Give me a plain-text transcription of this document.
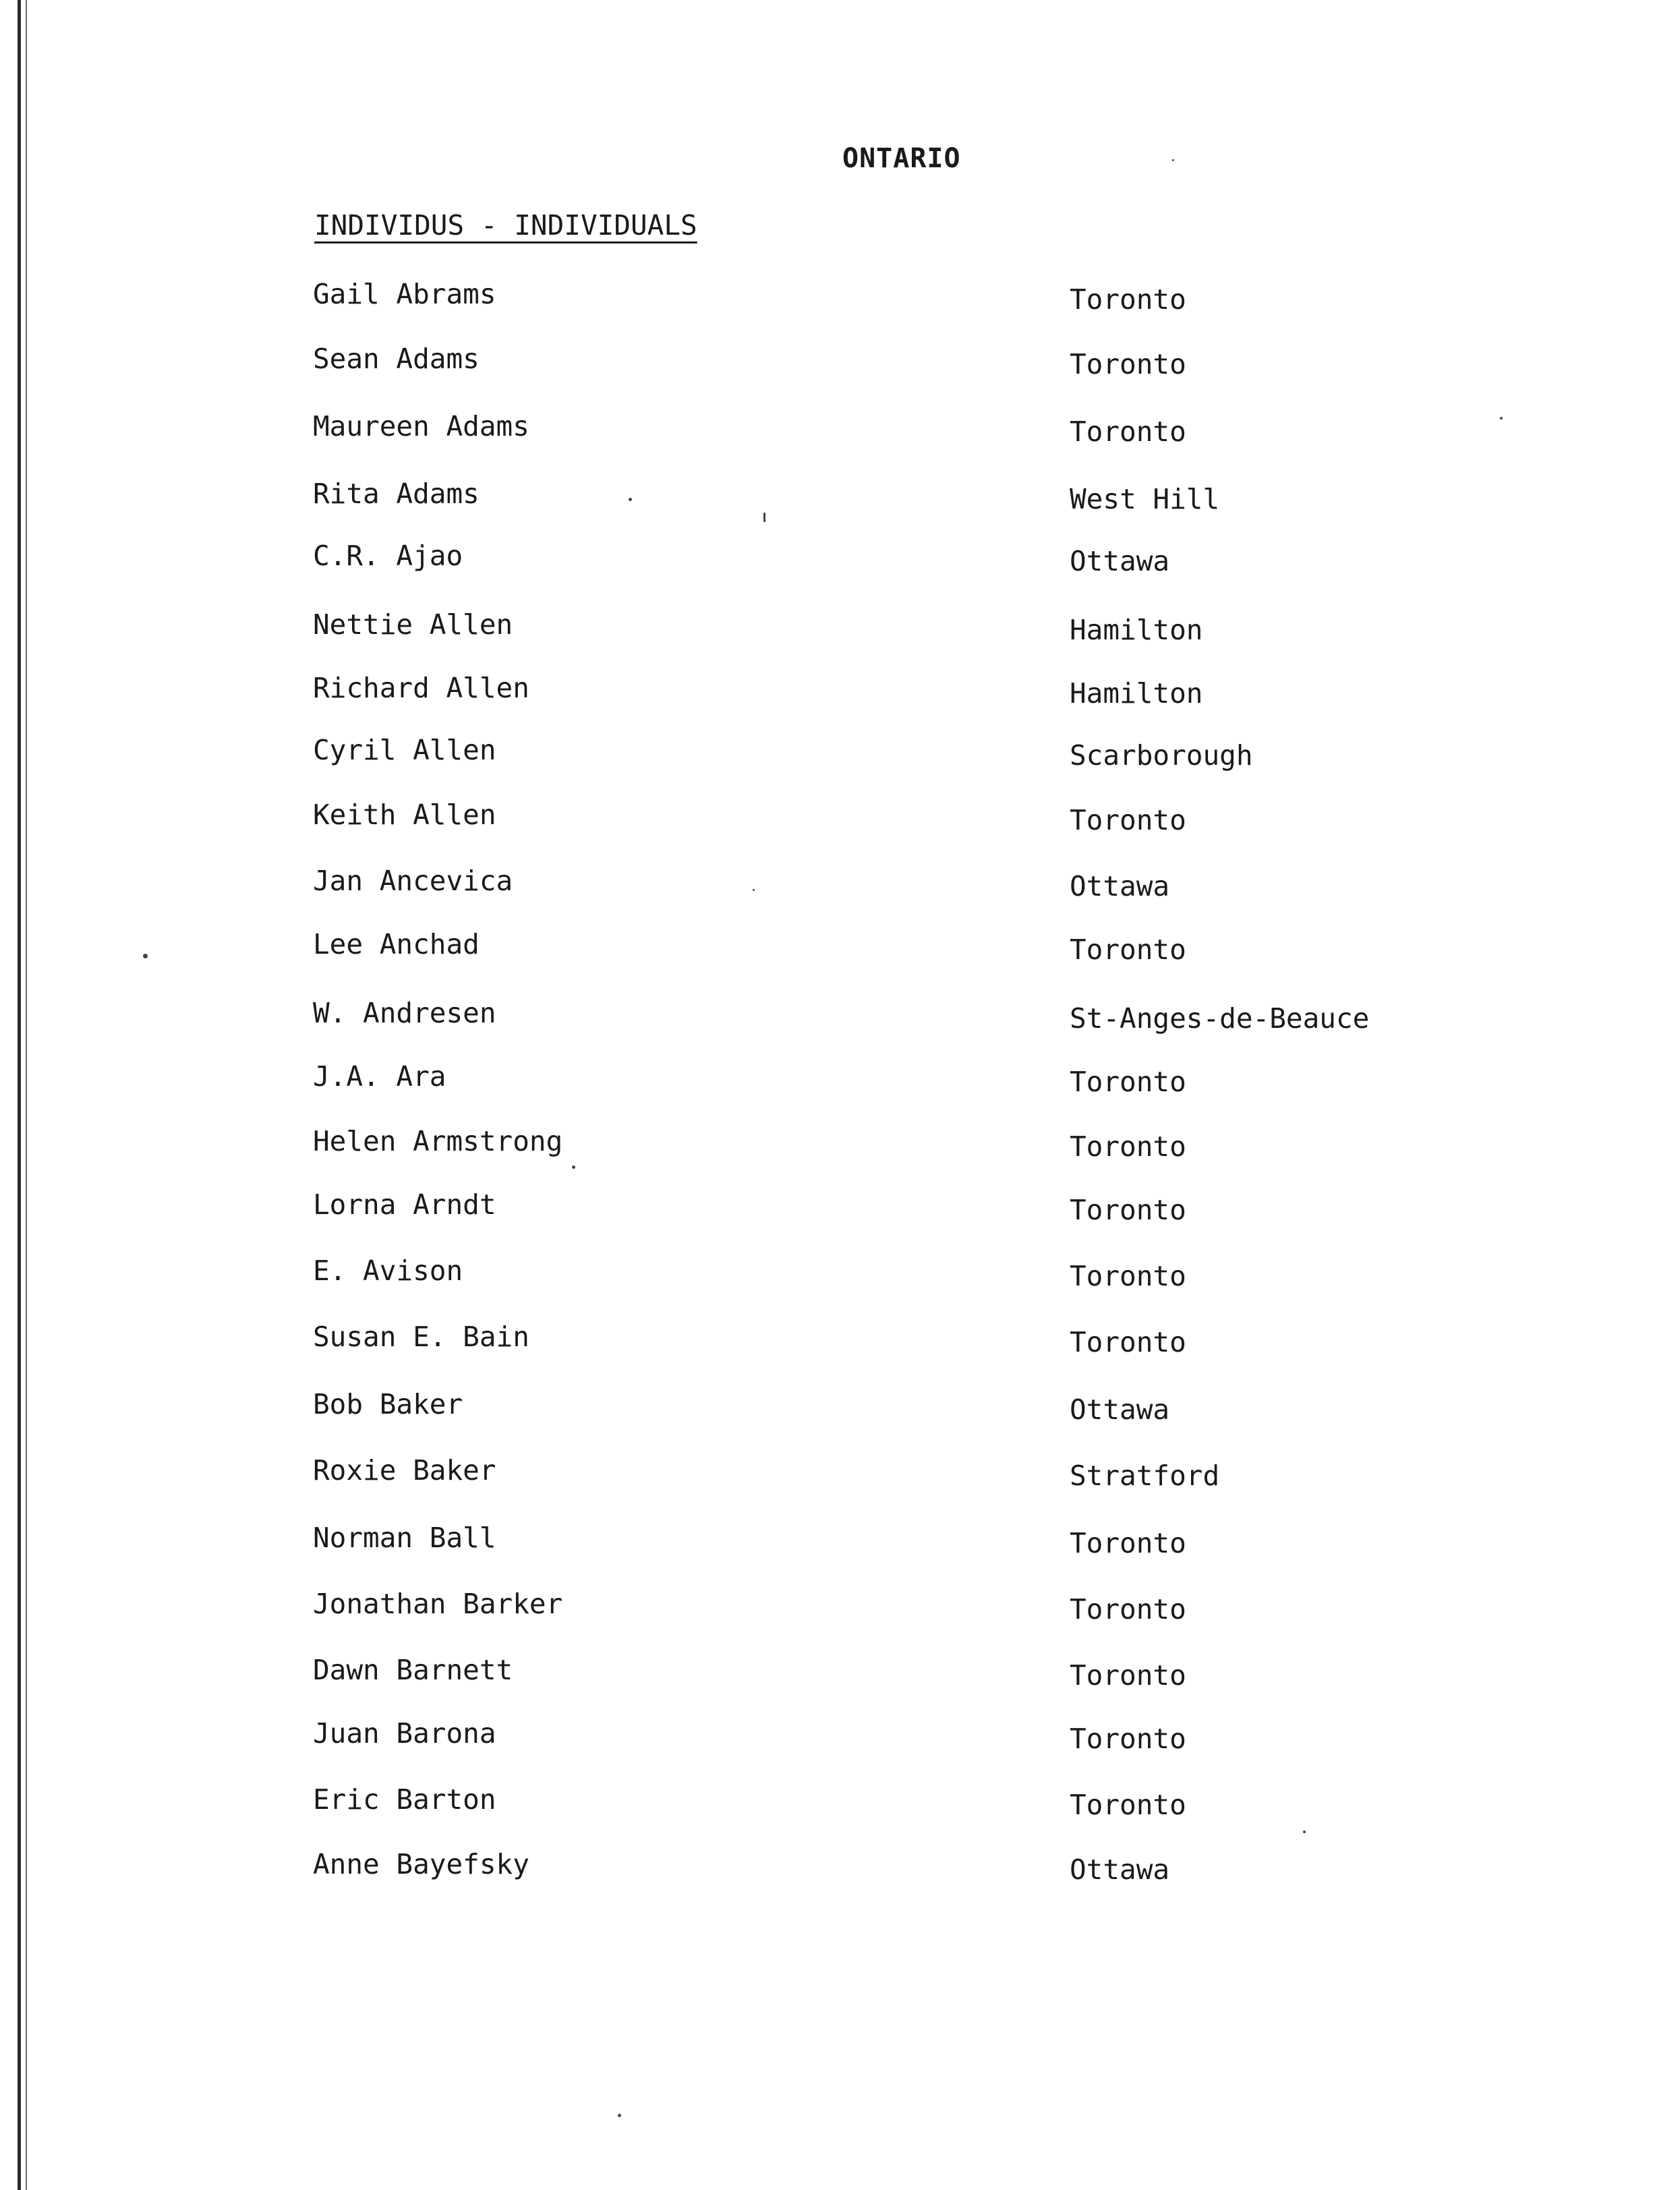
ONTARIO
INDIVIDUS - INDIVIDUALS
Gail Abrams	Toronto
Sean Adams	Toronto
Maureen Adams	Toronto
Rita Adams	West Hill
C.R. Ajao	Ottawa
Nettie Allen	Hamilton
Richard Allen	Hamilton
Cyril Allen	Scarborough
Keith Allen	Toronto
Jan Ancevica	Ottawa
Lee Anchad	Toronto
W. Andresen	St-Anges-de-Beauce
J.A. Ara	Toronto
Helen Armstrong	Toronto
Lorna Arndt	Toronto
E. Avison	Toronto
Susan E. Bain	Toronto
Bob Baker	Ottawa
Roxie Baker	Stratford
Norman Ball	Toronto
Jonathan Barker	Toronto
Dawn Barnett	Toronto
Juan Barona	Toronto
Eric Barton	Toronto
Anne Bayefsky	Ottawa
